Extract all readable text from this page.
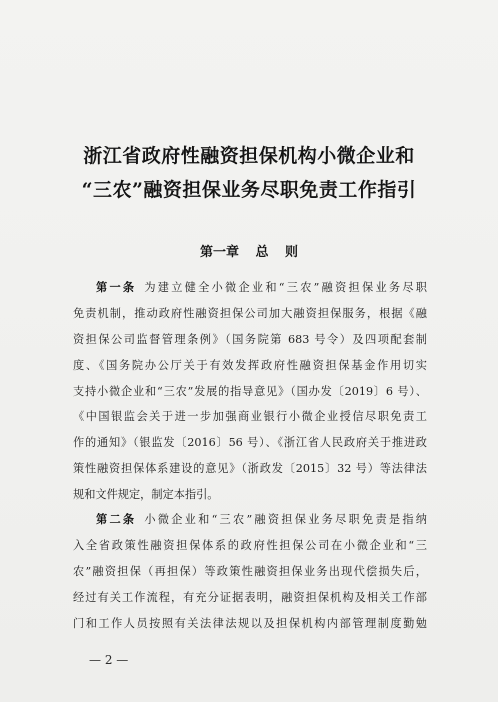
浙江省政府性融资担保机构小微企业和
“三农”融资担保业务尽职免责工作指引
第一章 总 则
第一条 为建立健全小微企业和“三农”融资担保业务尽职
免责机制，推动政府性融资担保公司加大融资担保服务，根据《融
资担保公司监督管理条例》（国务院第 683 号令）及四项配套制
度、《国务院办公厅关于有效发挥政府性融资担保基金作用切实
支持小微企业和“三农”发展的指导意见》（国办发〔2019〕6 号）、
《中国银监会关于进一步加强商业银行小微企业授信尽职免责工
作的通知》（银监发〔2016〕56 号）、《浙江省人民政府关于推进政
策性融资担保体系建设的意见》（浙政发〔2015〕32 号）等法律法
规和文件规定，制定本指引。
第二条 小微企业和“三农”融资担保业务尽职免责是指纳
入全省政策性融资担保体系的政府性担保公司在小微企业和“三
农”融资担保（再担保）等政策性融资担保业务出现代偿损失后，
经过有关工作流程，有充分证据表明，融资担保机构及相关工作部
门和工作人员按照有关法律法规以及担保机构内部管理制度勤勉
— 2 —
